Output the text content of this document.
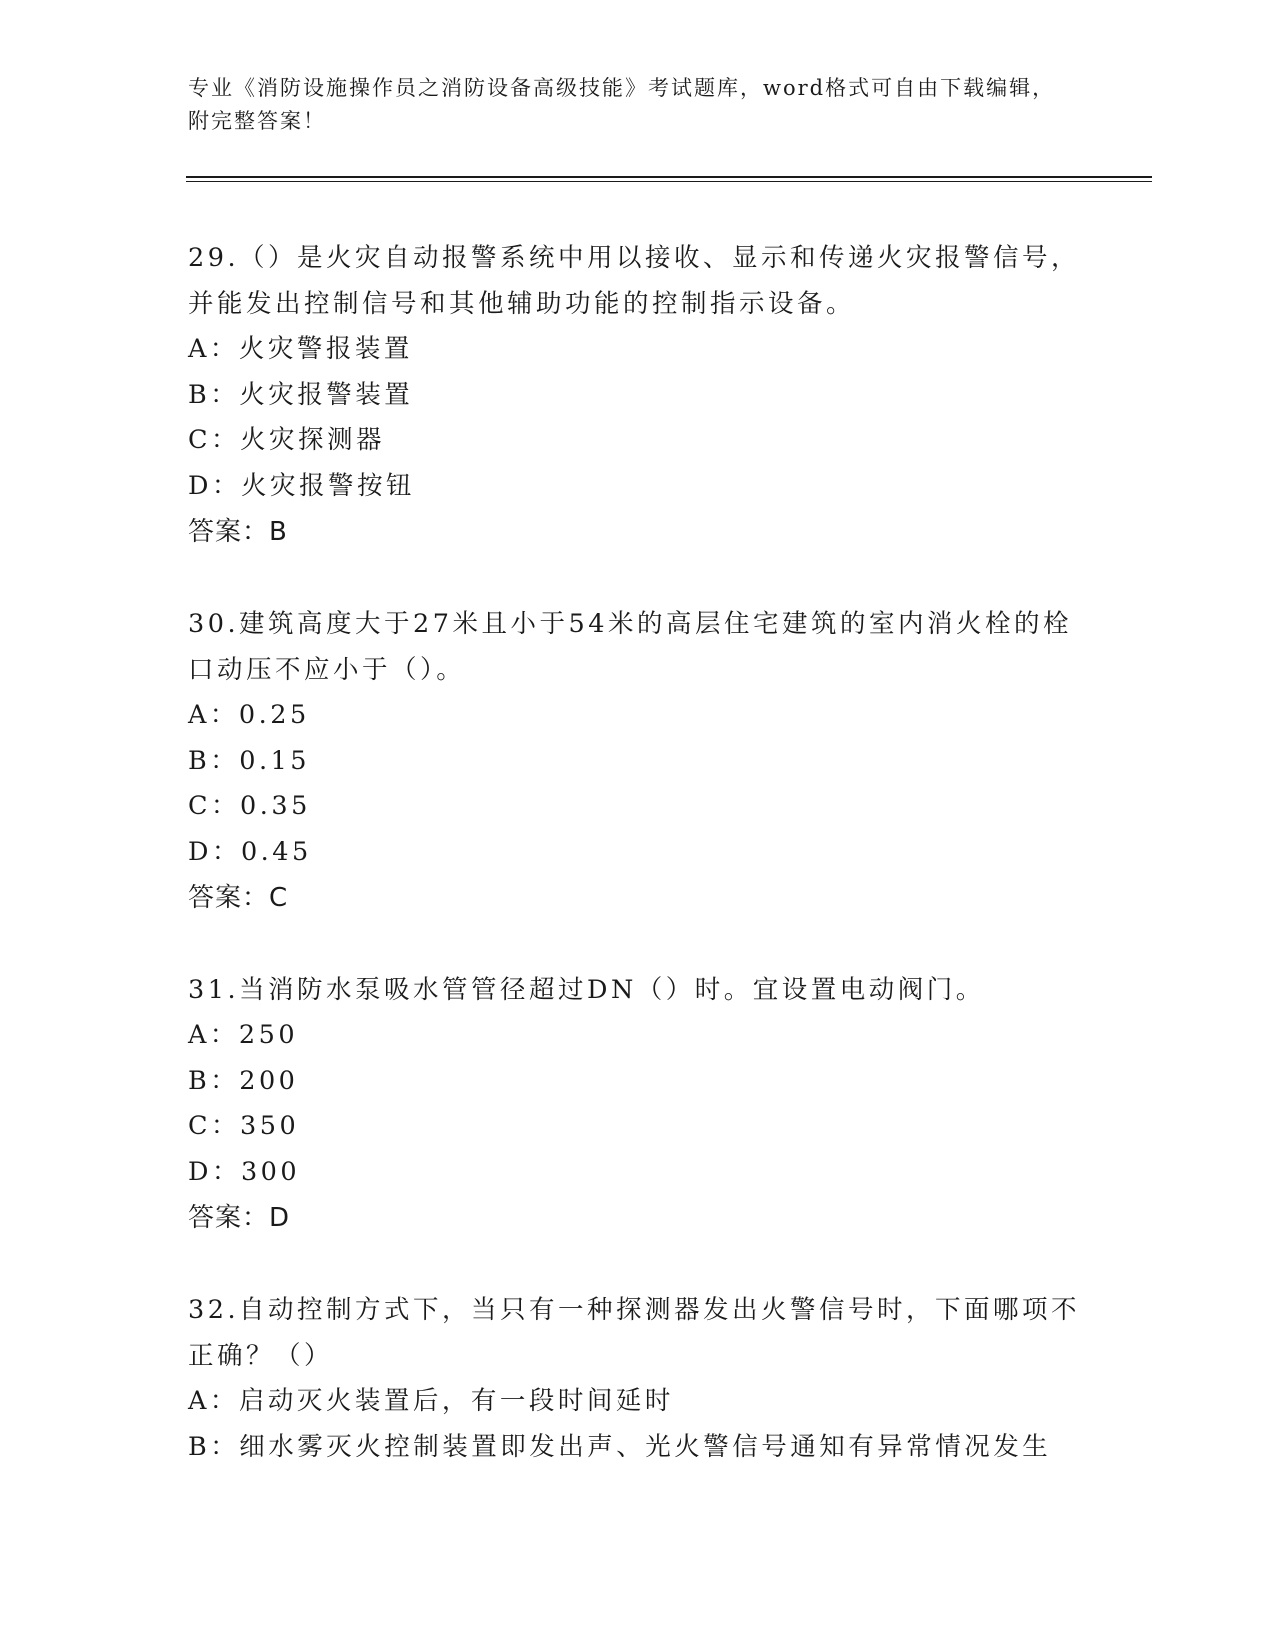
专业《消防设施操作员之消防设备高级技能》考试题库，word格式可自由下载编辑，附完整答案！
29.（）是火灾自动报警系统中用以接收、显示和传递火灾报警信号，并能发出控制信号和其他辅助功能的控制指示设备。
A：火灾警报装置
B：火灾报警装置
C：火灾探测器
D：火灾报警按钮
答案：B
30.建筑高度大于27米且小于54米的高层住宅建筑的室内消火栓的栓口动压不应小于（）。
A：0.25
B：0.15
C：0.35
D：0.45
答案：C
31.当消防水泵吸水管管径超过DN（）时。宜设置电动阀门。
A：250
B：200
C：350
D：300
答案：D
32.自动控制方式下，当只有一种探测器发出火警信号时，下面哪项不正确？（）
A：启动灭火装置后，有一段时间延时
B：细水雾灭火控制装置即发出声、光火警信号通知有异常情况发生
